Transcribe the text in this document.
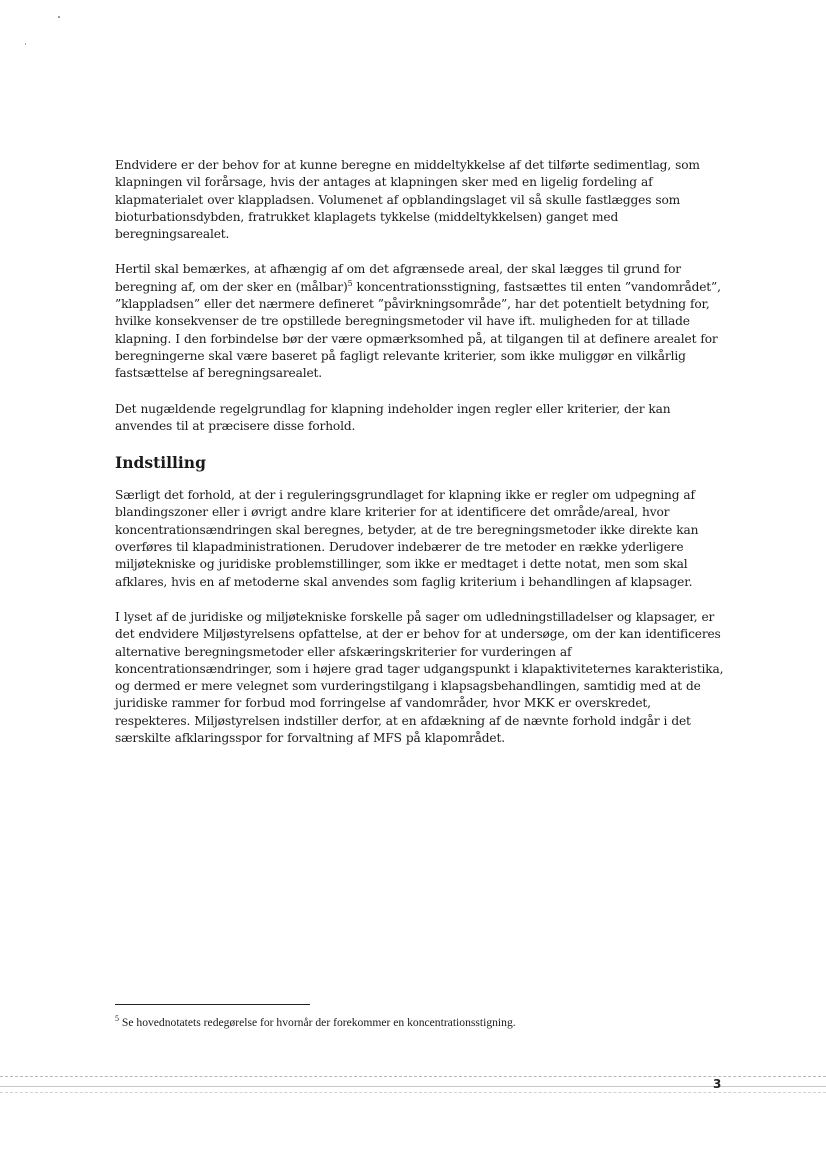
Endvidere er der behov for at kunne beregne en middeltykkelse af det tilførte sedimentlag, som klapningen vil forårsage, hvis der antages at klapningen sker med en ligelig fordeling af klapmaterialet over klappladsen. Volumenet af opblandingslaget vil så skulle fastlægges som bioturbationsdybden, fratrukket klaplagets tykkelse (middeltykkelsen) ganget med beregningsarealet.

Hertil skal bemærkes, at afhængig af om det afgrænsede areal, der skal lægges til grund for beregning af, om der sker en (målbar)$^5$ koncentrationsstigning, fastsættes til enten ”vandområdet”, ”klappladsen” eller det nærmere defineret ”påvirkningsområde”, har det potentielt betydning for, hvilke konsekvenser de tre opstillede beregningsmetoder vil have ift. muligheden for at tillade klapning. I den forbindelse bør der være opmærksomhed på, at tilgangen til at definere arealet for beregningerne skal være baseret på fagligt relevante kriterier, som ikke muliggør en vilkårlig fastsættelse af beregningsarealet.

Det nugældende regelgrundlag for klapning indeholder ingen regler eller kriterier, der kan anvendes til at præcisere disse forhold.

Indstilling

Særligt det forhold, at der i reguleringsgrundlaget for klapning ikke er regler om udpegning af blandingszoner eller i øvrigt andre klare kriterier for at identificere det område/areal, hvor koncentrationsændringen skal beregnes, betyder, at de tre beregningsmetoder ikke direkte kan overføres til klapadministrationen. Derudover indebærer de tre metoder en række yderligere miljøtekniske og juridiske problemstillinger, som ikke er medtaget i dette notat, men som skal afklares, hvis en af metoderne skal anvendes som faglig kriterium i behandlingen af klapsager.

I lyset af de juridiske og miljøtekniske forskelle på sager om udledningstilladelser og klapsager, er det endvidere Miljøstyrelsens opfattelse, at der er behov for at undersøge, om der kan identificeres alternative beregningsmetoder eller afskæringskriterier for vurderingen af koncentrationsændringer, som i højere grad tager udgangspunkt i klapaktiviteternes karakteristika, og dermed er mere velegnet som vurderingstilgang i klapsagsbehandlingen, samtidig med at de juridiske rammer for forbud mod forringelse af vandområder, hvor MKK er overskredet, respekteres. Miljøstyrelsen indstiller derfor, at en afdækning af de nævnte forhold indgår i det særskilte afklaringsspor for forvaltning af MFS på klapområdet.

$^5$ Se hovednotatets redegørelse for hvornår der forekommer en koncentrationsstigning.
3
